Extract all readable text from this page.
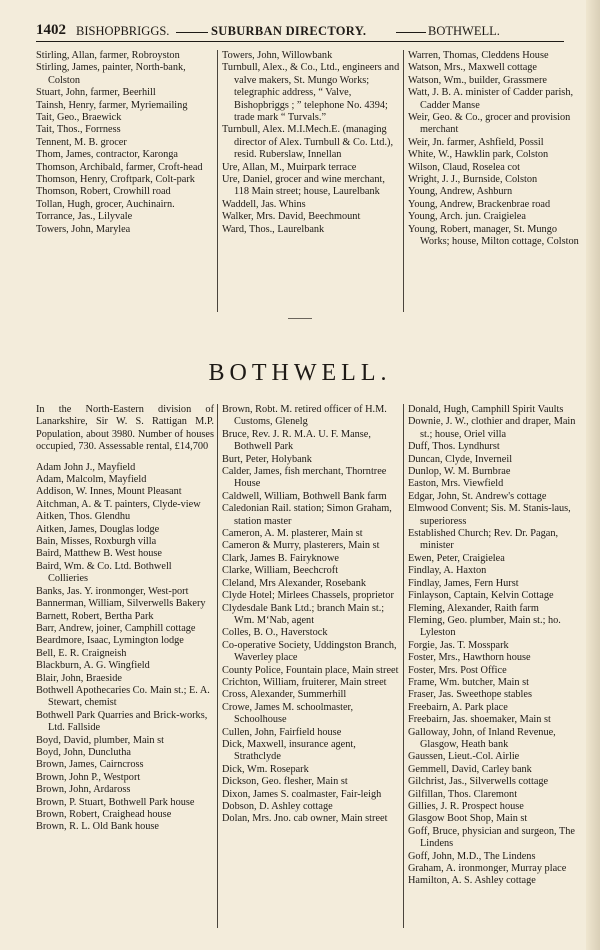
1402 BISHOPBRIGGS.	SUBURBAN DIRECTORY.	BOTHWELL.

Stirling, Allan, farmer, Robroyston

Stirling, James, painter, North-bank, Colston

Stuart, John, farmer, Beerhill

Tainsh, Henry, farmer, Myriemailing

Tait, Geo., Braewick

Tait, Thos., Forrness

Tennent, M. B. grocer

Thom, James, contractor, Karonga

Thomson, Archibald, farmer, Croft-head

Thomson, Henry, Croftpark, Colt-park

Thomson, Robert, Crowhill road

Tollan, Hugh, grocer, Auchinairn.

Torrance, Jas., Lilyvale

Towers, John, Marylea

Towers, John, Willowbank

Turnbull, Alex., & Co., Ltd., engineers and valve makers, St. Mungo Works; telegraphic address, “ Valve, Bishopbriggs ; ” telephone No. 4394; trade mark “ Turvals.”

Turnbull, Alex. M.I.Mech.E. (managing director of Alex. Turnbull & Co. Ltd.), resid. Ruberslaw, Innellan

Ure, Allan, M., Muirpark terrace

Ure, Daniel, grocer and wine merchant, 118 Main street; house, Laurelbank

Waddell, Jas. Whins

Walker, Mrs. David, Beechmount

Ward, Thos., Laurelbank

Warren, Thomas, Cleddens House

Watson, Mrs., Maxwell cottage

Watson, Wm., builder, Grassmere

Watt, J. B. A. minister of Cadder parish, Cadder Manse

Weir, Geo. & Co., grocer and provision merchant

Weir, Jn. farmer, Ashfield, Possil

White, W., Hawklin park, Colston

Wilson, Claud, Roselea cot

Wright, J. J., Burnside, Colston

Young, Andrew, Ashburn

Young, Andrew, Brackenbrae road

Young, Arch. jun. Craigielea

Young, Robert, manager, St. Mungo Works; house, Milton cottage, Colston

BOTHWELL.

In the North-Eastern division of Lanarkshire, Sir W. S. Rattigan M.P. Population, about 3980. Number of houses occupied, 730. Assessable rental, £14,700

Adam John J., Mayfield

Adam, Malcolm, Mayfield

Addison, W. Innes, Mount Pleasant

Aitchman, A. & T. painters, Clyde-view

Aitken, Thos. Glendhu

Aitken, James, Douglas lodge

Bain, Misses, Roxburgh villa

Baird, Matthew B. West house

Baird, Wm. & Co. Ltd. Bothwell Collieries

Banks, Jas. Y. ironmonger, West-port

Bannerman, William, Silverwells Bakery

Barnett, Robert, Bertha Park

Barr, Andrew, joiner, Camphill cottage

Beardmore, Isaac, Lymington lodge

Bell, E. R. Craigneish

Blackburn, A. G. Wingfield

Blair, John, Braeside

Bothwell Apothecaries Co. Main st.; E. A. Stewart, chemist

Bothwell Park Quarries and Brick-works, Ltd. Fallside

Boyd, David, plumber, Main st

Boyd, John, Dunclutha

Brown, James, Cairncross

Brown, John P., Westport

Brown, John, Ardaross

Brown, P. Stuart, Bothwell Park house

Brown, Robert, Craighead house

Brown, R. L. Old Bank house

Brown, Robt. M. retired officer of H.M. Customs, Glenelg

Bruce, Rev. J. R. M.A. U. F. Manse, Bothwell Park

Burt, Peter, Holybank

Calder, James, fish merchant, Thorntree House

Caldwell, William, Bothwell Bank farm

Caledonian Rail. station; Simon Graham, station master

Cameron, A. M. plasterer, Main st

Cameron & Murry, plasterers, Main st

Clark, James B. Fairyknowe

Clarke, William, Beechcroft

Cleland, Mrs Alexander, Rosebank

Clyde Hotel; Mirlees Chassels, proprietor

Clydesdale Bank Ltd.; branch Main st.; Wm. M‘Nab, agent

Colles, B. O., Haverstock

Co-operative Society, Uddingston Branch, Waverley place

County Police, Fountain place, Main street

Crichton, William, fruiterer, Main street

Cross, Alexander, Summerhill

Crowe, James M. schoolmaster, Schoolhouse

Cullen, John, Fairfield house

Dick, Maxwell, insurance agent, Strathclyde

Dick, Wm. Rosepark

Dickson, Geo. flesher, Main st

Dixon, James S. coalmaster, Fair-leigh

Dobson, D. Ashley cottage

Dolan, Mrs. Jno. cab owner, Main street

Donald, Hugh, Camphill Spirit Vaults

Downie, J. W., clothier and draper, Main st.; house, Oriel villa

Duff, Thos. Lyndhurst

Duncan, Clyde, Inverneil

Dunlop, W. M. Burnbrae

Easton, Mrs. Viewfield

Edgar, John, St. Andrew's cottage

Elmwood Convent; Sis. M. Stanis-laus, superioress

Established Church; Rev. Dr. Pagan, minister

Ewen, Peter, Craigielea

Findlay, A. Haxton

Findlay, James, Fern Hurst

Finlayson, Captain, Kelvin Cottage

Fleming, Alexander, Raith farm

Fleming, Geo. plumber, Main st.; ho. Lyleston

Forgie, Jas. T. Mosspark

Foster, Mrs., Hawthorn house

Foster, Mrs. Post Office

Frame, Wm. butcher, Main st

Fraser, Jas. Sweethope stables

Freebairn, A. Park place

Freebairn, Jas. shoemaker, Main st

Galloway, John, of Inland Revenue, Glasgow, Heath bank

Gaussen, Lieut.-Col. Airlie

Gemmell, David, Carley bank

Gilchrist, Jas., Silverwells cottage

Gilfillan, Thos. Claremont

Gillies, J. R. Prospect house

Glasgow Boot Shop, Main st

Goff, Bruce, physician and surgeon, The Lindens

Goff, John, M.D., The Lindens

Graham, A. ironmonger, Murray place

Hamilton, A. S. Ashley cottage
